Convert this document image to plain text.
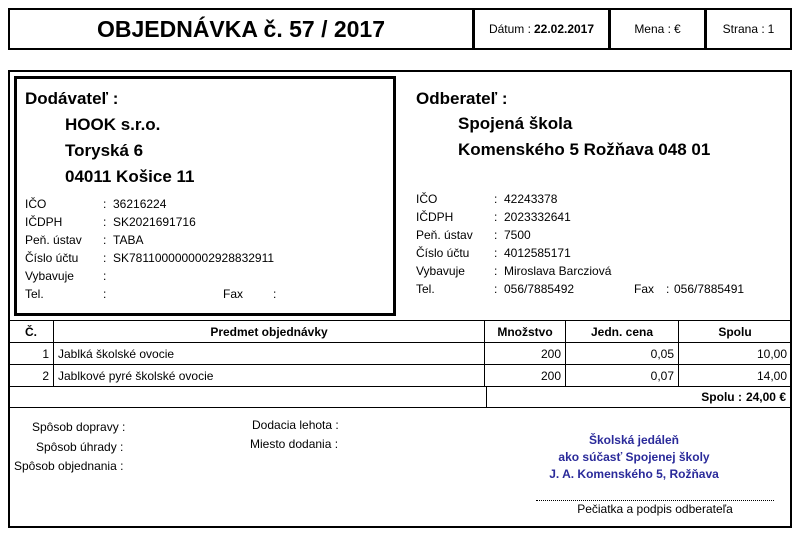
OBJEDNÁVKA č. 57 / 2017	Dátum : 22.02.2017	Mena : €	Strana : 1
Dodávateľ :
HOOK s.r.o.
Toryská 6
04011 Košice 11
IČO	: 36216224
IČDPH	: SK2021691716
Peň. ústav	: TABA
Číslo účtu	: SK7811000000002928832911
Vybavuje	:
Tel.	:	Fax	:
Odberateľ :
Spojená škola
Komenského 5 Rožňava 048 01
IČO	: 42243378
IČDPH	: 2023332641
Peň. ústav	: 7500
Číslo účtu	: 4012585171
Vybavuje	: Miroslava Barcziová
Tel.	: 056/7885492	Fax : 056/7885491
Č.	Predmet objednávky	Množstvo	Jedn. cena	Spolu
1	Jablká školské ovocie	200	0,05	10,00
2	Jablkové pyré školské ovocie	200	0,07	14,00
Spolu : 24,00 €
Spôsob dopravy :
Spôsob úhrady :
Spôsob objednania :
Dodacia lehota :
Miesto dodania :	Školská jedáleň
ako súčasť Spojenej školy
J. A. Komenského 5, Rožňava
Pečiatka a podpis odberateľa
